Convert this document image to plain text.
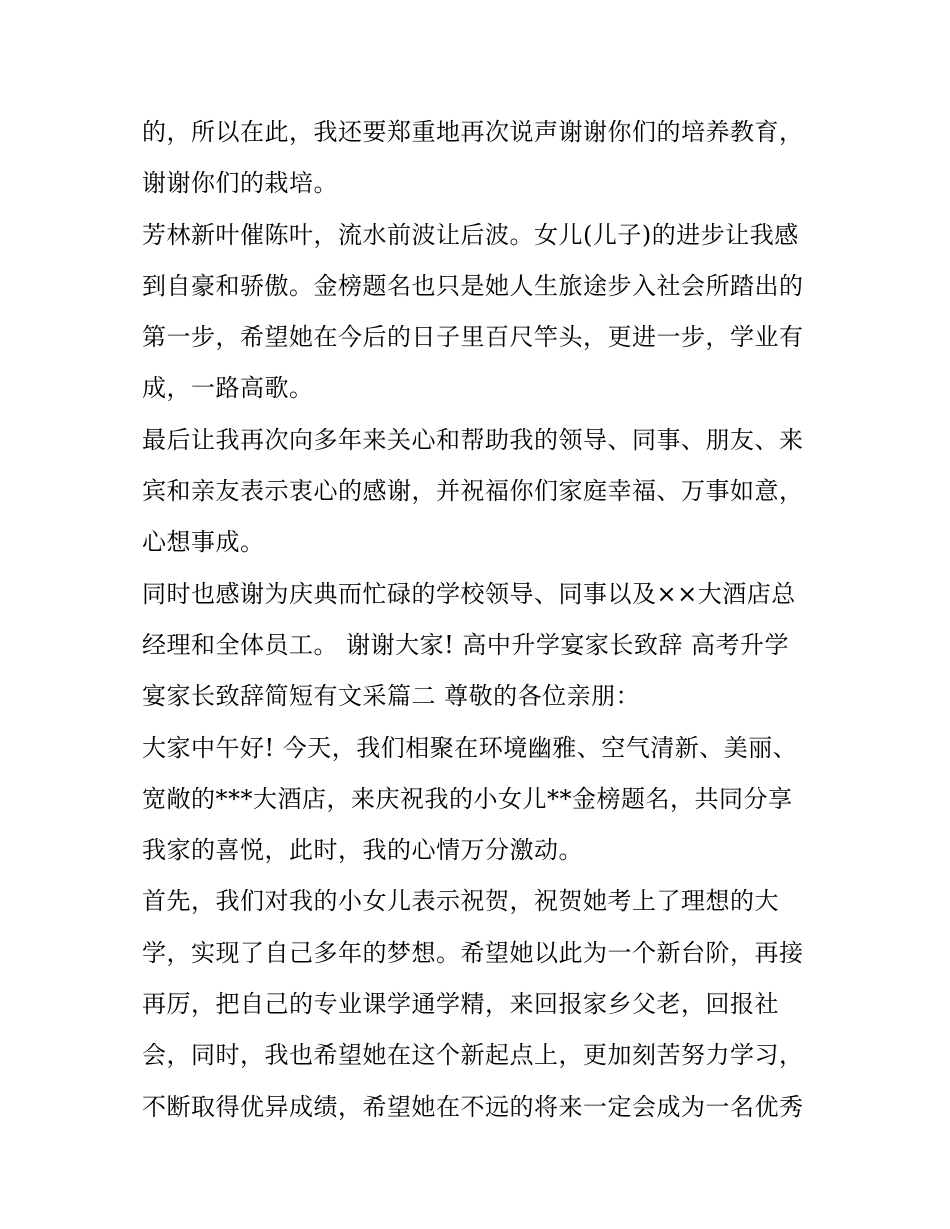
的，所以在此，我还要郑重地再次说声谢谢你们的培养教育，
谢谢你们的栽培。
芳林新叶催陈叶，流水前波让后波。女儿(儿子)的进步让我感
到自豪和骄傲。金榜题名也只是她人生旅途步入社会所踏出的
第一步，希望她在今后的日子里百尺竿头，更进一步，学业有
成，一路高歌。
最后让我再次向多年来关心和帮助我的领导、同事、朋友、来
宾和亲友表示衷心的感谢，并祝福你们家庭幸福、万事如意，
心想事成。
同时也感谢为庆典而忙碌的学校领导、同事以及××大酒店总
经理和全体员工。 谢谢大家! 高中升学宴家长致辞 高考升学
宴家长致辞简短有文采篇二 尊敬的各位亲朋：
大家中午好! 今天，我们相聚在环境幽雅、空气清新、美丽、
宽敞的***大酒店，来庆祝我的小女儿**金榜题名，共同分享
我家的喜悦，此时，我的心情万分激动。
首先，我们对我的小女儿表示祝贺，祝贺她考上了理想的大
学，实现了自己多年的梦想。希望她以此为一个新台阶，再接
再厉，把自己的专业课学通学精，来回报家乡父老，回报社
会，同时，我也希望她在这个新起点上，更加刻苦努力学习，
不断取得优异成绩，希望她在不远的将来一定会成为一名优秀
